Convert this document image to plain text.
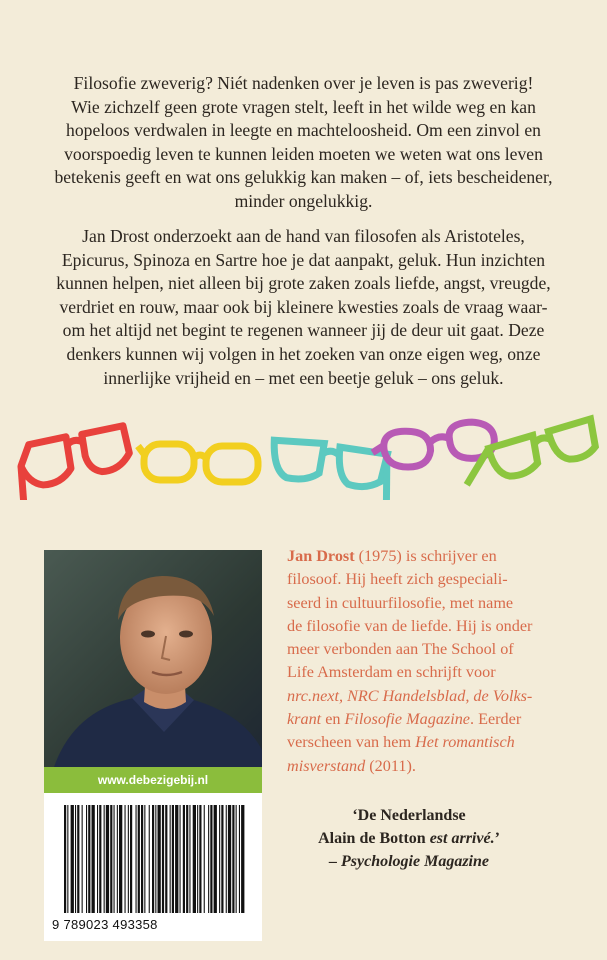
Filosofie zweverig? Niét nadenken over je leven is pas zweverig!
Wie zichzelf geen grote vragen stelt, leeft in het wilde weg en kan
hopeloos verdwalen in leegte en machteloosheid. Om een zinvol en
voorspoedig leven te kunnen leiden moeten we weten wat ons leven
betekenis geeft en wat ons gelukkig kan maken – of, iets bescheidener,
minder ongelukkig.

Jan Drost onderzoekt aan de hand van filosofen als Aristoteles,
Epicurus, Spinoza en Sartre hoe je dat aanpakt, geluk. Hun inzichten
kunnen helpen, niet alleen bij grote zaken zoals liefde, angst, vreugde,
verdriet en rouw, maar ook bij kleinere kwesties zoals de vraag waar-
om het altijd net begint te regenen wanneer jij de deur uit gaat. Deze
denkers kunnen wij volgen in het zoeken van onze eigen weg, onze
innerlijke vrijheid en – met een beetje geluk – ons geluk.

www.debezigebij.nl
9 789023 493358

Jan Drost (1975) is schrijver en
filosoof. Hij heeft zich gespeciali-
seerd in cultuurfilosofie, met name
de filosofie van de liefde. Hij is onder
meer verbonden aan The School of
Life Amsterdam en schrijft voor
nrc.next, NRC Handelsblad, de Volks-
krant en Filosofie Magazine. Eerder
verscheen van hem Het romantisch
misverstand (2011).

‘De Nederlandse
Alain de Botton est arrivé.’
– Psychologie Magazine
